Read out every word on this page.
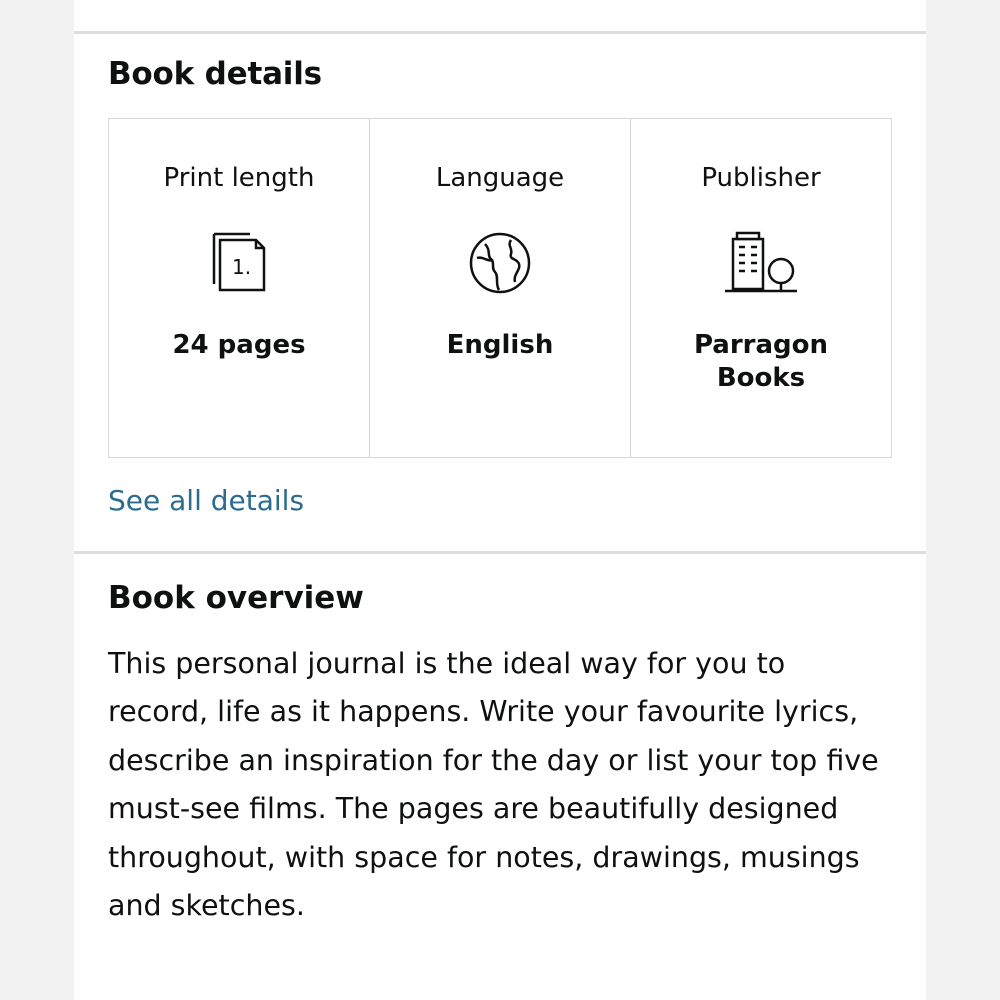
Book details
Print length
1.
24 pages
Language
English
Publisher
Parragon Books
See all details
Book overview

This personal journal is the ideal way for you to record, life as it happens. Write your favourite lyrics, describe an inspiration for the day or list your top five must-see films. The pages are beautifully designed throughout, with space for notes, drawings, musings and sketches.
